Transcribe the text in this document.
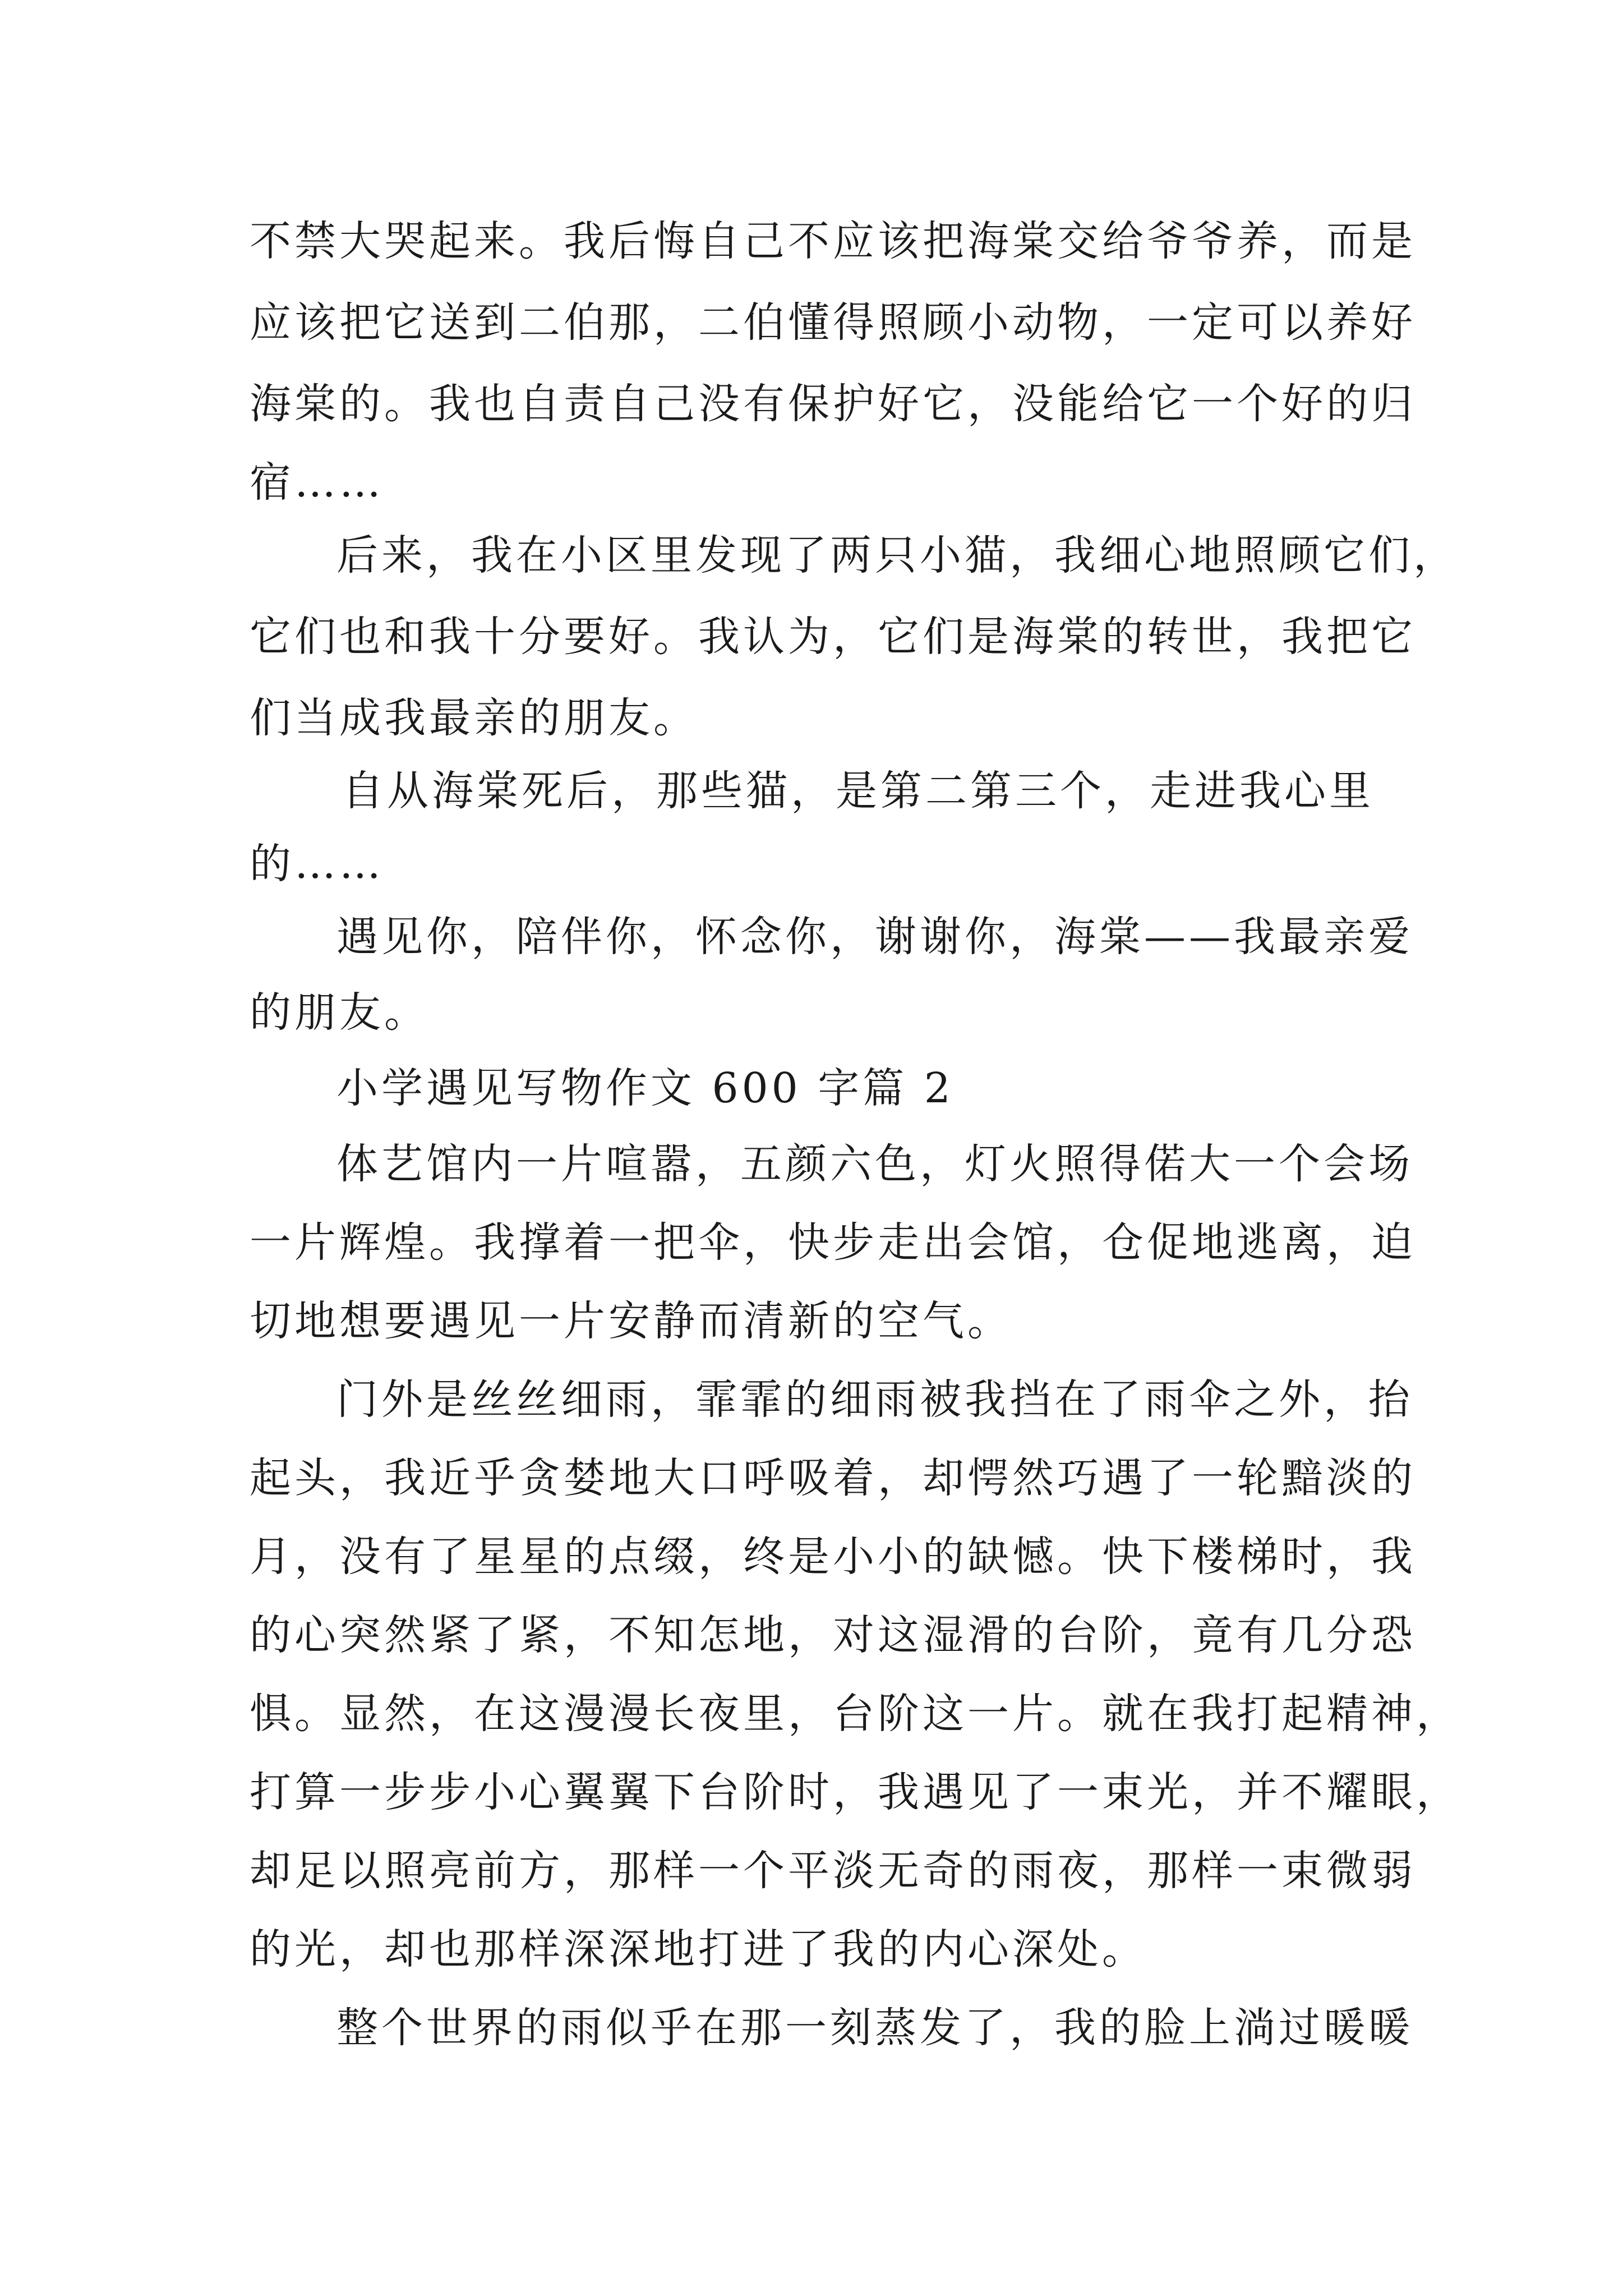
不禁大哭起来。我后悔自己不应该把海棠交给爷爷养，而是
应该把它送到二伯那，二伯懂得照顾小动物，一定可以养好
海棠的。我也自责自己没有保护好它，没能给它一个好的归
宿……
后来，我在小区里发现了两只小猫，我细心地照顾它们，
它们也和我十分要好。我认为，它们是海棠的转世，我把它
们当成我最亲的朋友。
自从海棠死后，那些猫，是第二第三个，走进我心里
的……
遇见你，陪伴你，怀念你，谢谢你，海棠——我最亲爱
的朋友。
小学遇见写物作文 600 字篇 2
体艺馆内一片喧嚣，五颜六色，灯火照得偌大一个会场
一片辉煌。我撑着一把伞，快步走出会馆，仓促地逃离，迫
切地想要遇见一片安静而清新的空气。
门外是丝丝细雨，霏霏的细雨被我挡在了雨伞之外，抬
起头，我近乎贪婪地大口呼吸着，却愕然巧遇了一轮黯淡的
月，没有了星星的点缀，终是小小的缺憾。快下楼梯时，我
的心突然紧了紧，不知怎地，对这湿滑的台阶，竟有几分恐
惧。显然，在这漫漫长夜里，台阶这一片。就在我打起精神，
打算一步步小心翼翼下台阶时，我遇见了一束光，并不耀眼，
却足以照亮前方，那样一个平淡无奇的雨夜，那样一束微弱
的光，却也那样深深地打进了我的内心深处。
整个世界的雨似乎在那一刻蒸发了，我的脸上淌过暖暖
